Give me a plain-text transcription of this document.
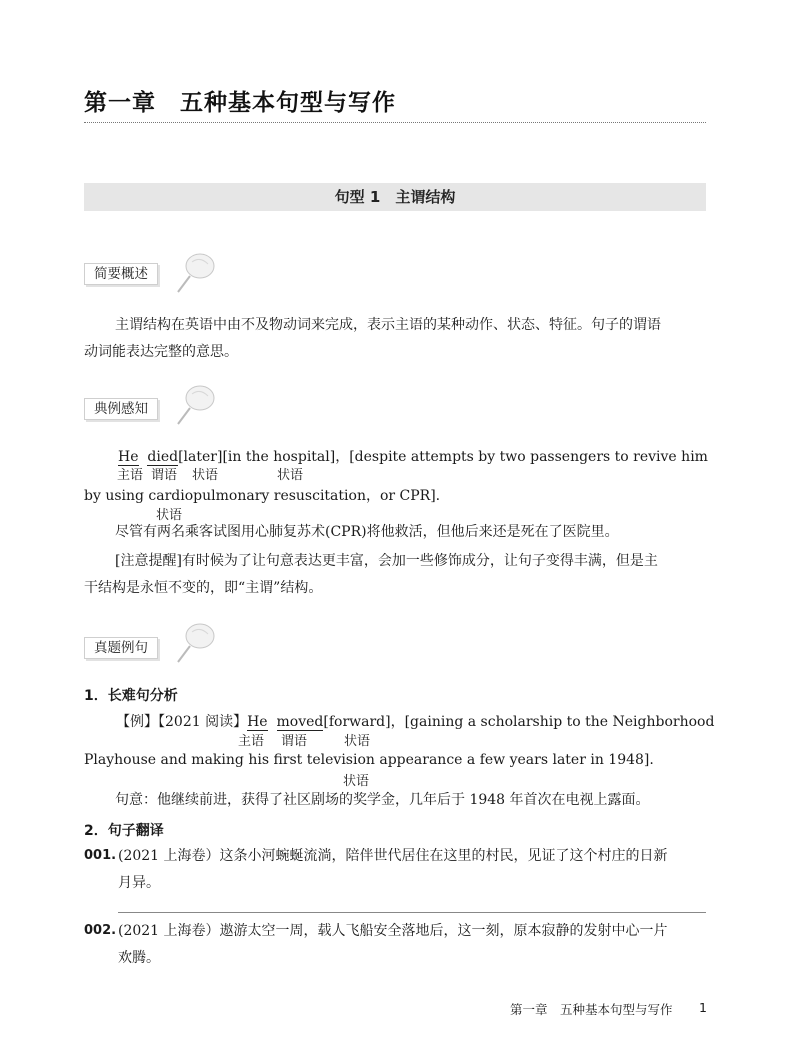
第一章　五种基本句型与写作
句型 1　主谓结构
简要概述
主谓结构在英语中由不及物动词来完成，表示主语的某种动作、状态、特征。句子的谓语
动词能表达完整的意思。
典例感知
He died[later][in the hospital]，[despite attempts by two passengers to revive him
主语 谓语 状语	状语
by using cardiopulmonary resuscitation，or CPR].
状语
尽管有两名乘客试图用心肺复苏术(CPR)将他救活，但他后来还是死在了医院里。
[注意提醒]有时候为了让句意表达更丰富，会加一些修饰成分，让句子变得丰满，但是主
干结构是永恒不变的，即“主谓”结构。
真题例句
1．长难句分析
【例】【2021 阅读】He moved[forward]，[gaining a scholarship to the Neighborhood
主语 谓语	状语
Playhouse and making his first television appearance a few years later in 1948].
状语
句意：他继续前进，获得了社区剧场的奖学金，几年后于 1948 年首次在电视上露面。
2．句子翻译
001. (2021 上海卷）这条小河蜿蜒流淌，陪伴世代居住在这里的村民，见证了这个村庄的日新
月异。
002. (2021 上海卷）遨游太空一周，载人飞船安全落地后，这一刻，原本寂静的发射中心一片
欢腾。
第一章　五种基本句型与写作 1
